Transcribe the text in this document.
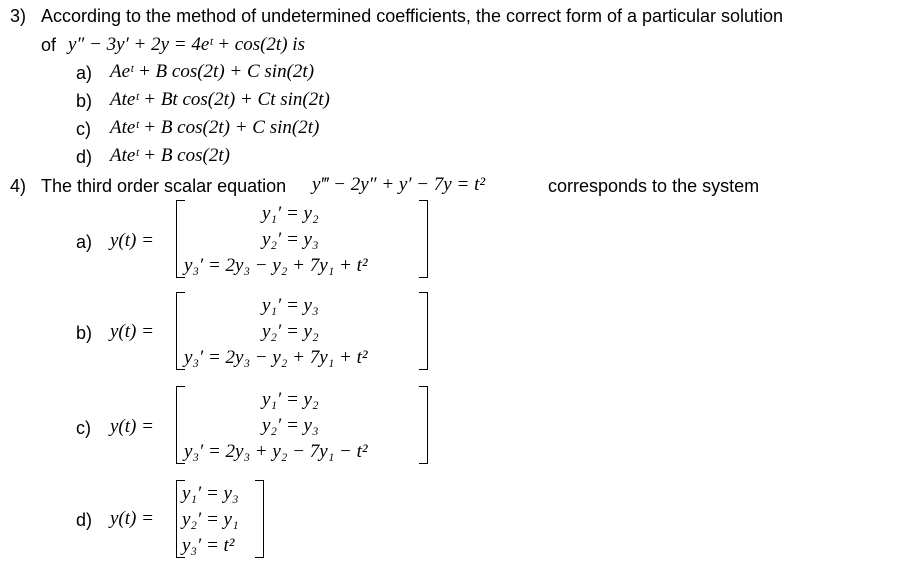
3) According to the method of undetermined coefficients, the correct form of a particular solution
of y″ − 3y′ + 2y = 4eᵗ + cos(2t) is
a) Aeᵗ + B cos(2t) + C sin(2t)
b) Ateᵗ + Bt cos(2t) + Ct sin(2t)
c) Ateᵗ + B cos(2t) + C sin(2t)
d) Ateᵗ + B cos(2t)
4) The third order scalar equation y‴ − 2y″ + y′ − 7y = t²	corresponds to the system
a) y(t) =
y₁′ = y₂
y₂′ = y₃
y₃′ = 2y₃ − y₂ + 7y₁ + t²
b) y(t) =
y₁′ = y₃
y₂′ = y₂
y₃′ = 2y₃ − y₂ + 7y₁ + t²
c) y(t) =
y₁′ = y₂
y₂′ = y₃
y₃′ = 2y₃ + y₂ − 7y₁ − t²
d) y(t) =
y₁′ = y₃
y₂′ = y₁
y₃′ = t²
